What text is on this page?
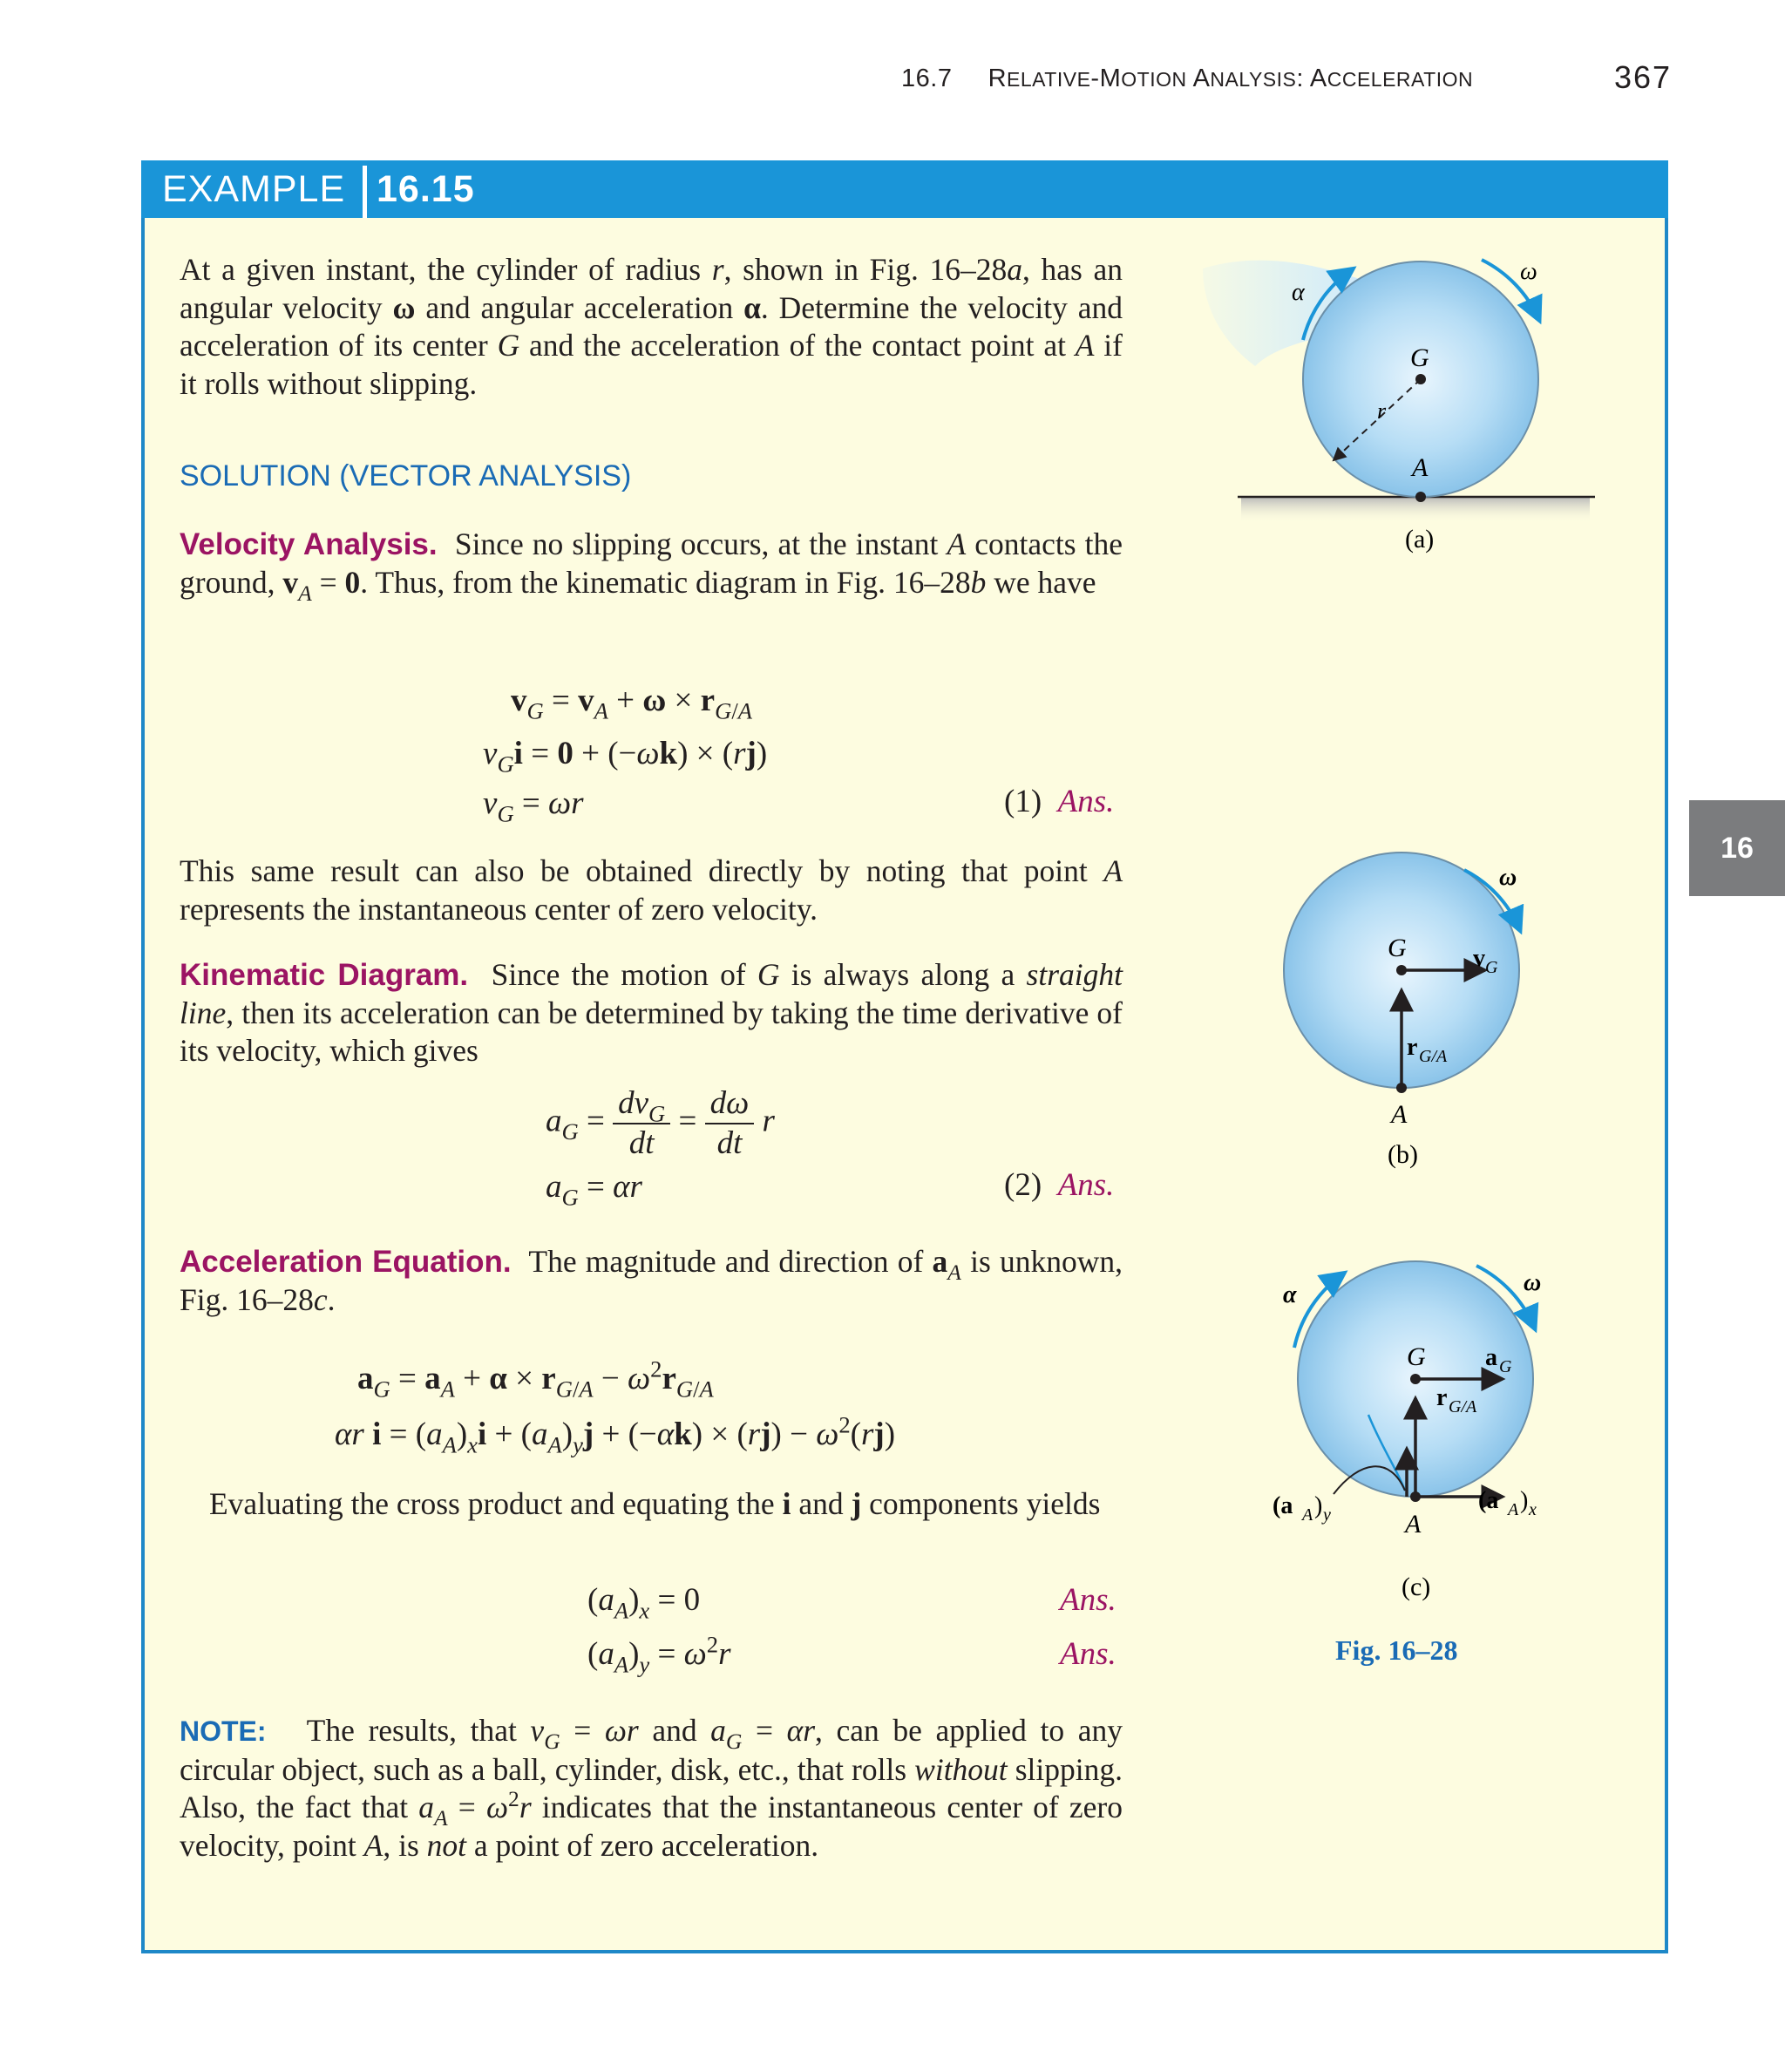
16.7 RELATIVE-MOTION ANALYSIS: ACCELERATION	367
16
EXAMPLE 16.15
At a given instant, the cylinder of radius r, shown in Fig. 16–28a, has an angular velocity ω and angular acceleration α. Determine the velocity and acceleration of its center G and the acceleration of the contact point at A if it rolls without slipping.
SOLUTION (VECTOR ANALYSIS)
Velocity Analysis.  Since no slipping occurs, at the instant A contacts the ground, $v_A = 0$. Thus, from the kinematic diagram in Fig. 16–28b we have
$v_G = v_A + \omega \times r_{G/A}$
$v_Gi = 0 + (-\omega k) \times (rj)$
$v_G = \omega r$	(1) Ans.
This same result can also be obtained directly by noting that point A represents the instantaneous center of zero velocity.
Kinematic Diagram.  Since the motion of G is always along a straight line, then its acceleration can be determined by taking the time derivative of its velocity, which gives
$a_G = \frac{dv_G}{dt} = \frac{d\omega}{dt}$ r
$a_G = \alpha r$	(2) Ans.
Acceleration Equation.  The magnitude and direction of $a_A$ is unknown, Fig. 16–28c.
$a_G = a_A + \alpha \times r_{G/A} - \omega^2r_{G/A}$
αr $i = (a_A)_xi + (a_A)_yj + (-\alpha k) \times (rj) - \omega^2(rj)$
Evaluating the cross product and equating the i and j components yields
$(a_A)_x = 0$	Ans.
$(a_A)_y = \omega^2r$	Ans.
NOTE:   The results, that $v_G = \omega r$ and $a_G = \alpha r$, can be applied to any circular object, such as a ball, cylinder, disk, etc., that rolls without slipping. Also, the fact that $a_A = \omega^2r$ indicates that the instantaneous center of zero velocity, point A, is not a point of zero acceleration.
α
ω
G
r
A
(a)
ω
G	v G
r G/A
A
(b)
α	ω
G a G
r G/A
(a A ) y
(a A ) x
A
(c)
Fig. 16–28
